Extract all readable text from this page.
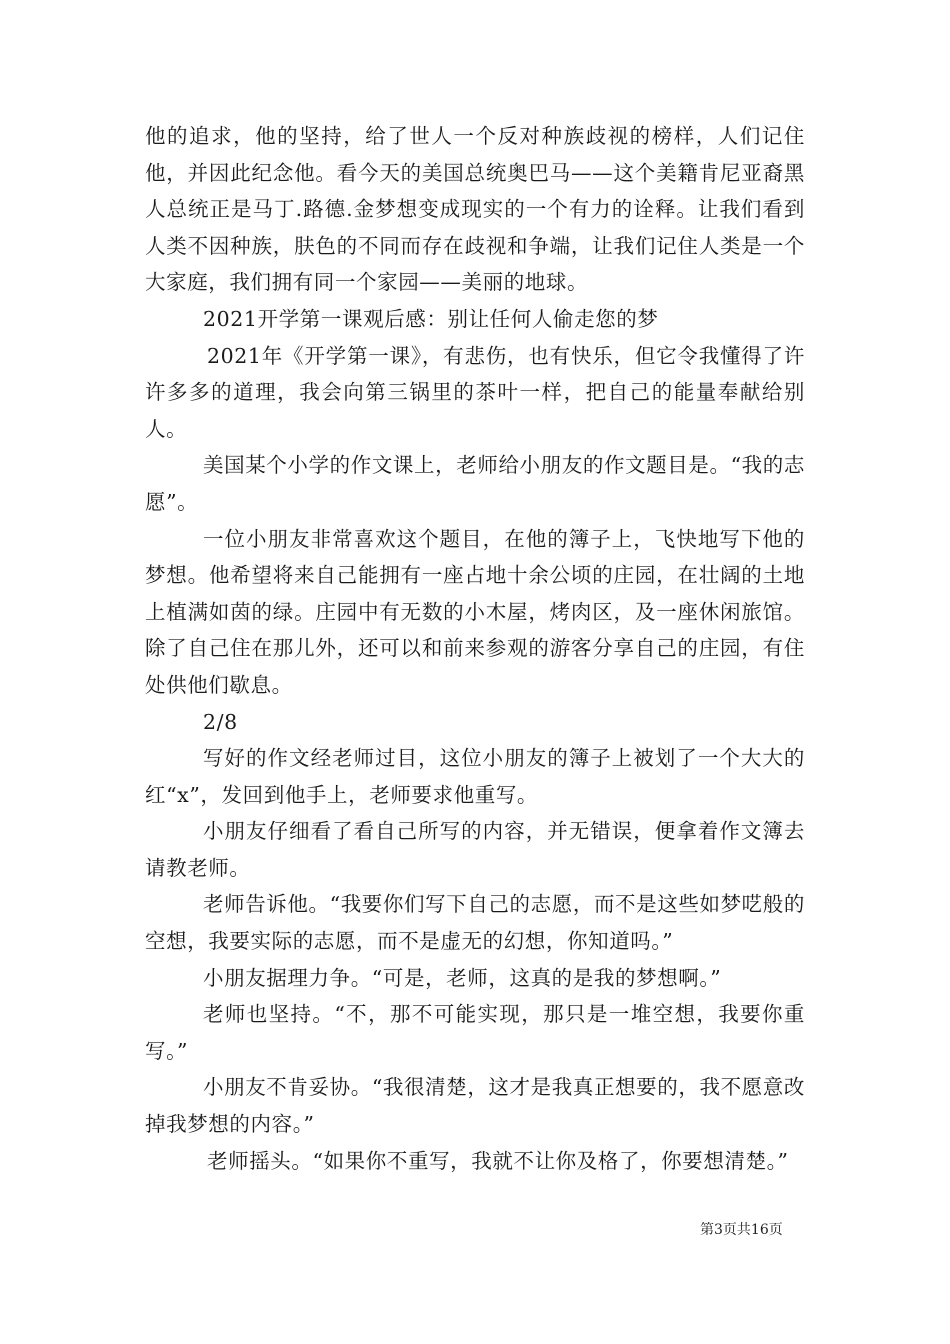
他的追求，他的坚持，给了世人一个反对种族歧视的榜样，人们记住他，并因此纪念他。看今天的美国总统奥巴马——这个美籍肯尼亚裔黑人总统正是马丁.路德.金梦想变成现实的一个有力的诠释。让我们看到人类不因种族，肤色的不同而存在歧视和争端，让我们记住人类是一个大家庭，我们拥有同一个家园——美丽的地球。

2021开学第一课观后感：别让任何人偷走您的梦

2021年《开学第一课》，有悲伤，也有快乐，但它令我懂得了许许多多的道理，我会向第三锅里的茶叶一样，把自己的能量奉献给别人。

美国某个小学的作文课上，老师给小朋友的作文题目是。“我的志愿”。

一位小朋友非常喜欢这个题目，在他的簿子上，飞快地写下他的梦想。他希望将来自己能拥有一座占地十余公顷的庄园，在壮阔的土地上植满如茵的绿。庄园中有无数的小木屋，烤肉区，及一座休闲旅馆。除了自己住在那儿外，还可以和前来参观的游客分享自己的庄园，有住处供他们歇息。

2/8

写好的作文经老师过目，这位小朋友的簿子上被划了一个大大的红“x”，发回到他手上，老师要求他重写。

小朋友仔细看了看自己所写的内容，并无错误，便拿着作文簿去请教老师。

老师告诉他。“我要你们写下自己的志愿，而不是这些如梦呓般的空想，我要实际的志愿，而不是虚无的幻想，你知道吗。”

小朋友据理力争。“可是，老师，这真的是我的梦想啊。”

老师也坚持。“不，那不可能实现，那只是一堆空想，我要你重写。”

小朋友不肯妥协。“我很清楚，这才是我真正想要的，我不愿意改掉我梦想的内容。”

老师摇头。“如果你不重写，我就不让你及格了，你要想清楚。”

第3页共16页
